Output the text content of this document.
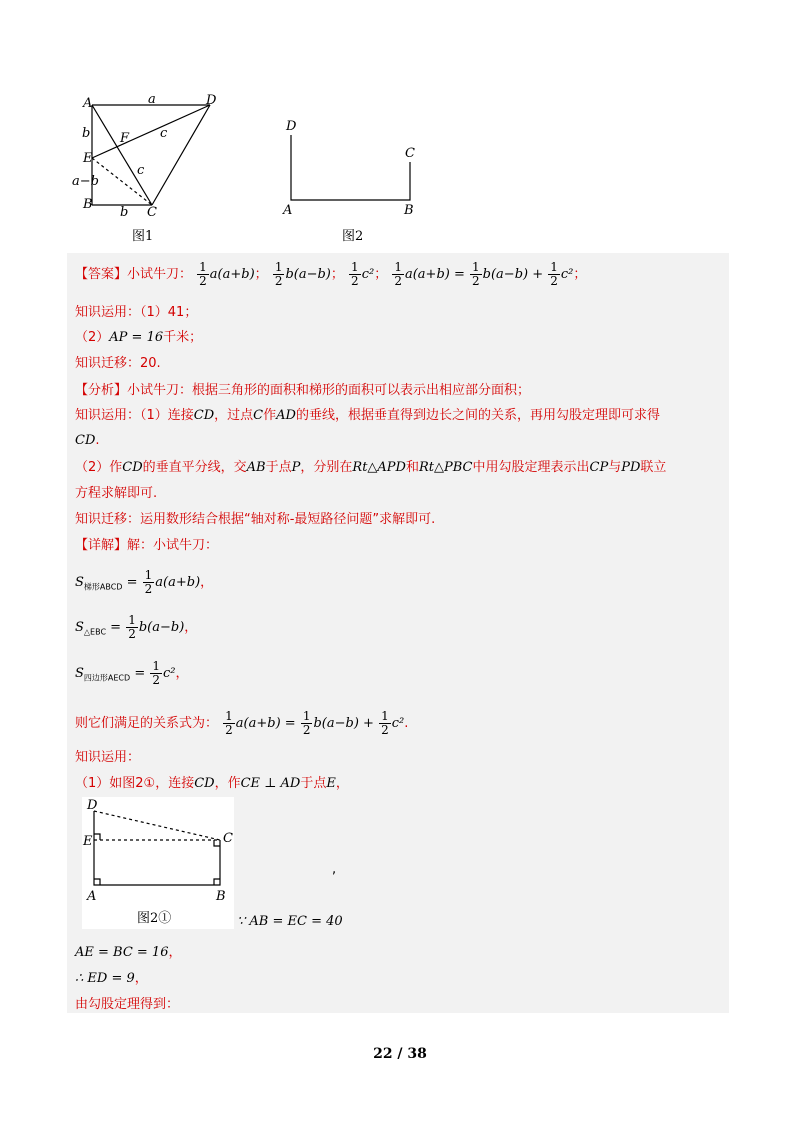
A	D
B
C
E
F
a
b	c
c
a−b
b
图1
D
C
A	B
图2
【答案】小试牛刀： $\frac{1}{2} a(a+b)$； $\frac{1}{2} b(a-b)$； $\frac{1}{2} c^2$； $\frac{1}{2} a(a+b) = \frac{1}{2} b(a-b) + \frac{1}{2} c^2$；
知识运用：（1）41；
（2）AP = 16千米；
知识迁移：20.
【分析】小试牛刀：根据三角形的面积和梯形的面积可以表示出相应部分面积；
知识运用：（1）连接CD，过点C作AD的垂线，根据垂直得到边长之间的关系，再用勾股定理即可求得
CD.
（2）作CD的垂直平分线，交AB于点P，分别在Rt△APD和Rt△PBC中用勾股定理表示出CP与PD联立
方程求解即可.
知识迁移：运用数形结合根据“轴对称-最短路径问题”求解即可.
【详解】解：小试牛刀：
$S_{梯形ABCD} = \frac{1}{2} a(a+b)$，
$S_{\triangle EBC} = \frac{1}{2} b(a-b)$，
$S_{四边形AECD} = \frac{1}{2} c^2$，
则它们满足的关系式为： $\frac{1}{2} a(a+b) = \frac{1}{2} b(a-b) + \frac{1}{2} c^2$.
知识运用：
（1）如图2①，连接CD，作CE ⊥ AD于点E，
D
E	C
A	B
图2①
,
∵ AB = EC = 40
AE = BC = 16，
∴ ED = 9，
由勾股定理得到：
22 / 38
